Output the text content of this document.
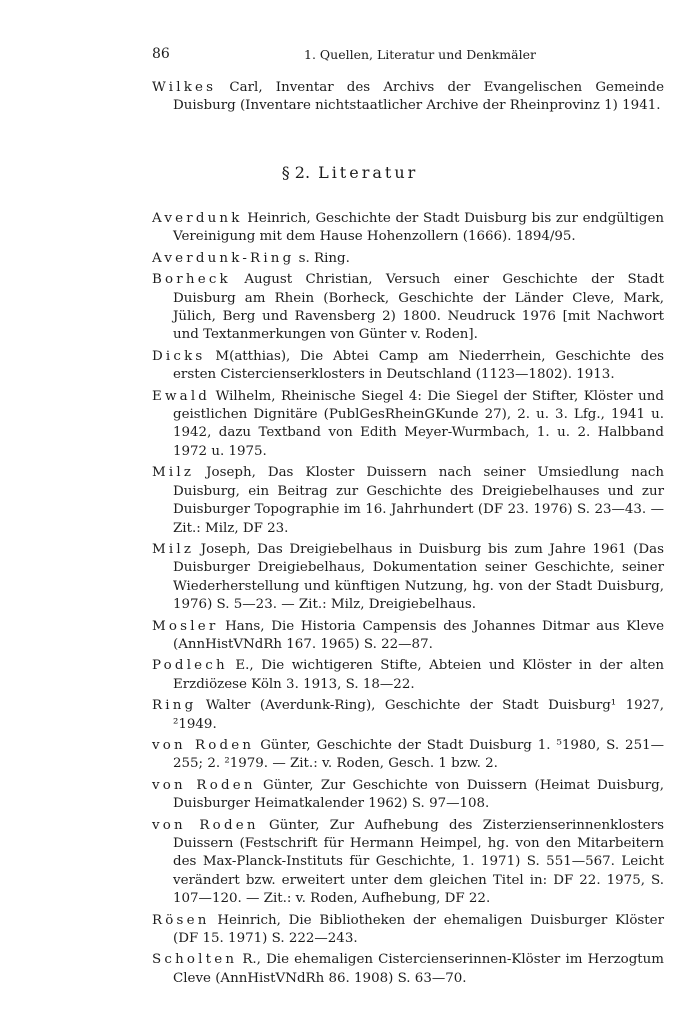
86	1. Quellen, Literatur und Denkmäler

Wilkes Carl, Inventar des Archivs der Evangelischen Gemeinde Duisburg (Inventare nichtstaatlicher Archive der Rheinprovinz 1) 1941.

§ 2. Literatur

Averdunk Heinrich, Geschichte der Stadt Duisburg bis zur endgültigen Vereinigung mit dem Hause Hohenzollern (1666). 1894/95.

Averdunk-Ring s. Ring.

Borheck August Christian, Versuch einer Geschichte der Stadt Duisburg am Rhein (Borheck, Geschichte der Länder Cleve, Mark, Jülich, Berg und Ravensberg 2) 1800. Neudruck 1976 [mit Nachwort und Textanmerkungen von Günter v. Roden].

Dicks M(atthias), Die Abtei Camp am Niederrhein, Geschichte des ersten Cistercienserklosters in Deutschland (1123—1802). 1913.

Ewald Wilhelm, Rheinische Siegel 4: Die Siegel der Stifter, Klöster und geistlichen Dignitäre (PublGesRheinGKunde 27), 2. u. 3. Lfg., 1941 u. 1942, dazu Textband von Edith Meyer-Wurmbach, 1. u. 2. Halbband 1972 u. 1975.

Milz Joseph, Das Kloster Duissern nach seiner Umsiedlung nach Duisburg, ein Beitrag zur Geschichte des Dreigiebelhauses und zur Duisburger Topographie im 16. Jahrhundert (DF 23. 1976) S. 23—43. — Zit.: Milz, DF 23.

Milz Joseph, Das Dreigiebelhaus in Duisburg bis zum Jahre 1961 (Das Duisburger Dreigiebelhaus, Dokumentation seiner Geschichte, seiner Wiederherstellung und künftigen Nutzung, hg. von der Stadt Duisburg, 1976) S. 5—23. — Zit.: Milz, Dreigiebelhaus.

Mosler Hans, Die Historia Campensis des Johannes Ditmar aus Kleve (AnnHistVNdRh 167. 1965) S. 22—87.

Podlech E., Die wichtigeren Stifte, Abteien und Klöster in der alten Erzdiözese Köln 3. 1913, S. 18—22.

Ring Walter (Averdunk-Ring), Geschichte der Stadt Duisburg¹ 1927, ²1949.

von Roden Günter, Geschichte der Stadt Duisburg 1. ⁵1980, S. 251—255; 2. ²1979. — Zit.: v. Roden, Gesch. 1 bzw. 2.

von Roden Günter, Zur Geschichte von Duissern (Heimat Duisburg, Duisburger Heimatkalender 1962) S. 97—108.

von Roden Günter, Zur Aufhebung des Zisterzienserinnenklosters Duissern (Festschrift für Hermann Heimpel, hg. von den Mitarbeitern des Max-Planck-Instituts für Geschichte, 1. 1971) S. 551—567. Leicht verändert bzw. erweitert unter dem gleichen Titel in: DF 22. 1975, S. 107—120. — Zit.: v. Roden, Aufhebung, DF 22.

Rösen Heinrich, Die Bibliotheken der ehemaligen Duisburger Klöster (DF 15. 1971) S. 222—243.

Scholten R., Die ehemaligen Cistercienserinnen-Klöster im Herzogtum Cleve (AnnHistVNdRh 86. 1908) S. 63—70.
